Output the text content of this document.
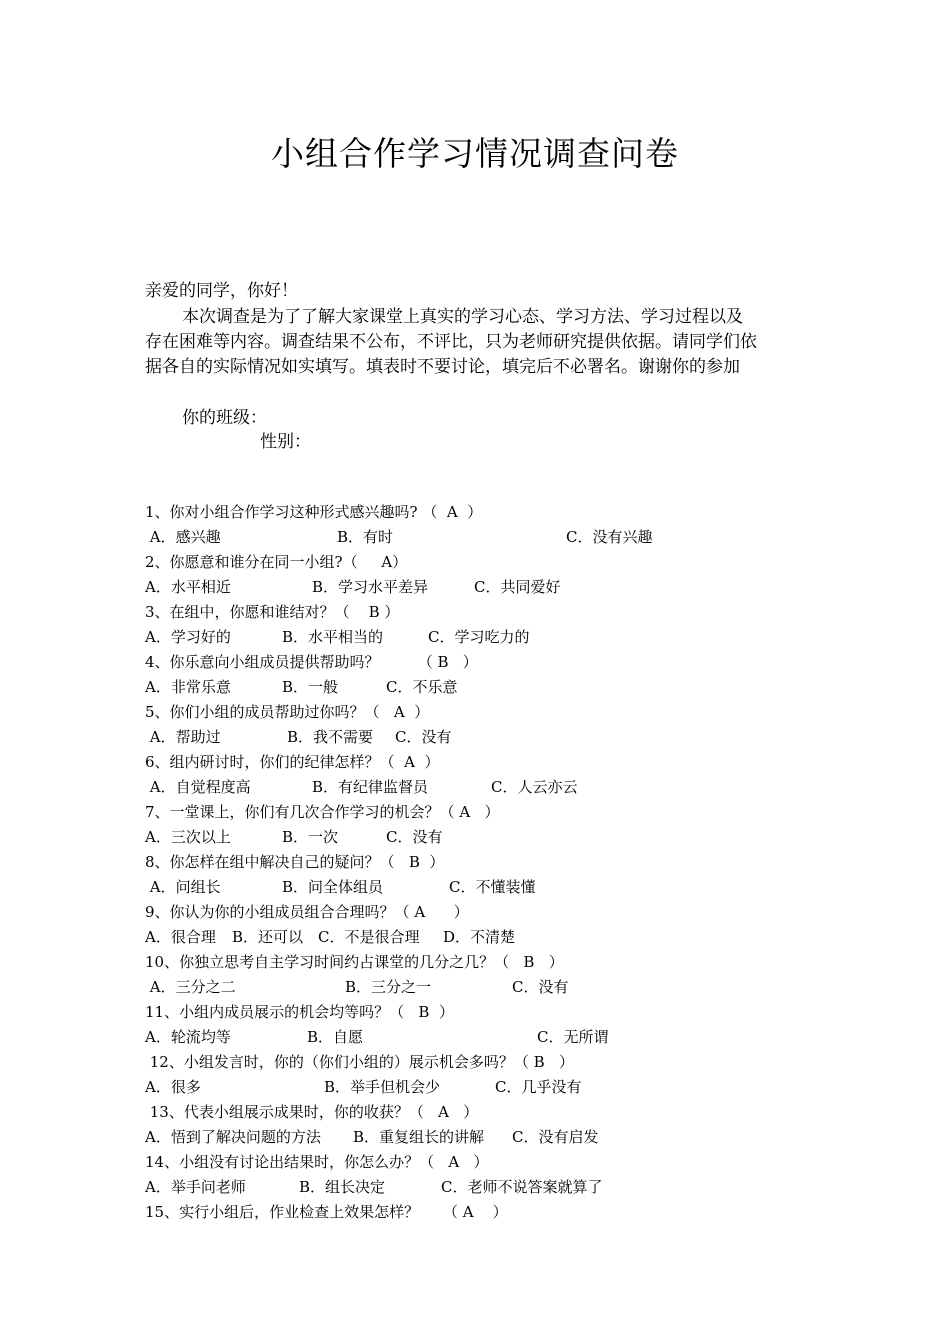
小组合作学习情况调查问卷
亲爱的同学，你好！
本次调查是为了了解大家课堂上真实的学习心态、学习方法、学习过程以及
存在困难等内容。调查结果不公布，不评比，只为老师研究提供依据。请同学们依
据各自的实际情况如实填写。填表时不要讨论，填完后不必署名。谢谢你的参加
你的班级：
性别：
1、你对小组合作学习这种形式感兴趣吗? （  A  ）
A．感兴趣	B．有时	C．没有兴趣
2、你愿意和谁分在同一小组?（     A）
A．水平相近	B．学习水平差异	C．共同爱好
3、在组中，你愿和谁结对？（    B ）
A．学习好的	B．水平相当的	C．学习吃力的
4、你乐意向小组成员提供帮助吗？        （ B   ）
A．非常乐意	B．一般	C．不乐意
5、你们小组的成员帮助过你吗？（   A  ）
A．帮助过	B．我不需要 C．没有
6、组内研讨时，你们的纪律怎样？（  A  ）
A．自觉程度高	B．有纪律监督员	C．人云亦云
7、一堂课上，你们有几次合作学习的机会？（ A   ）
A．三次以上	B．一次	C．没有
8、你怎样在组中解决自己的疑问？（   B  ）
A．问组长	B．问全体组员	C．不懂装懂
9、你认为你的小组成员组合合理吗？（ A      ）
A．很合理 B．还可以 C．不是很合理 D．不清楚
10、你独立思考自主学习时间约占课堂的几分之几？（   B   ）
A．三分之二	B．三分之一	C．没有
11、小组内成员展示的机会均等吗？（   B  ）
A．轮流均等	B．自愿	C．无所谓
12、小组发言时，你的（你们小组的）展示机会多吗？（ B   ）
A．很多	B．举手但机会少	C．几乎没有
13、代表小组展示成果时，你的收获？（   A   ）
A．悟到了解决问题的方法 B．重复组长的讲解 C．没有启发
14、小组没有讨论出结果时，你怎么办？（   A   ）
A．举手问老师	B．组长决定	C．老师不说答案就算了
15、实行小组后，作业检查上效果怎样？     （ A    ）
